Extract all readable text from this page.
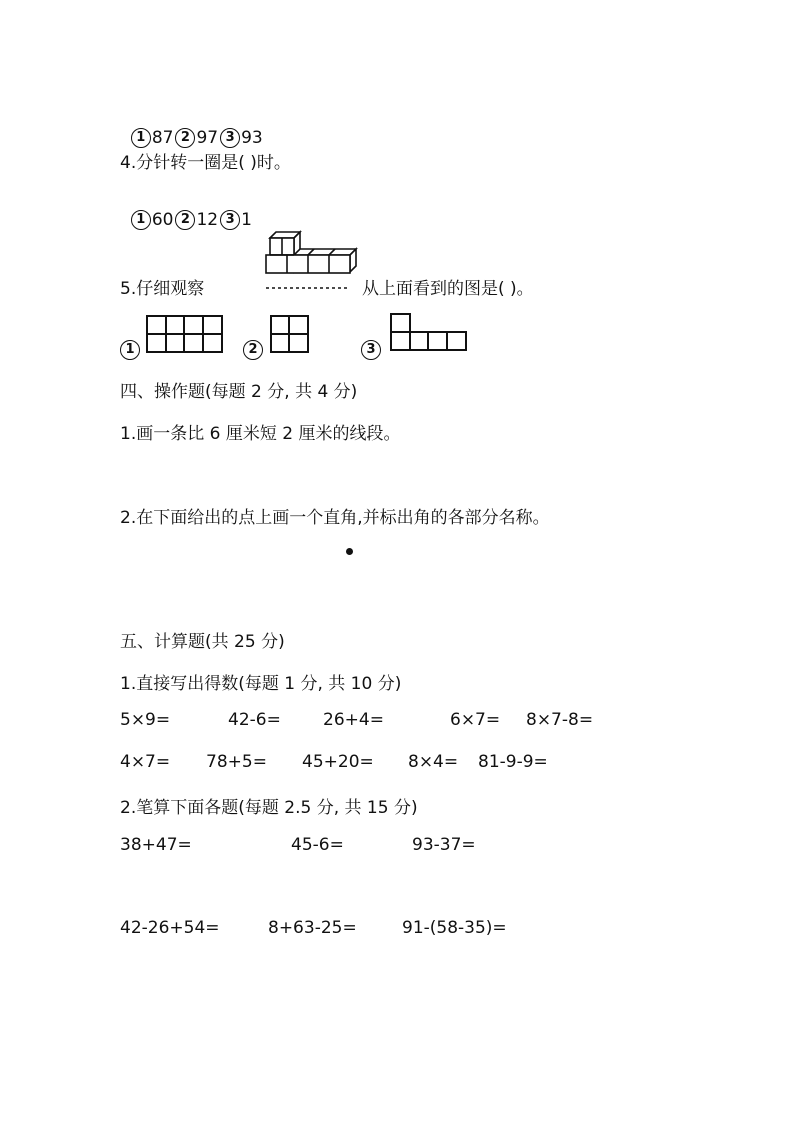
1 87 2 97 3 93

4.分针转一圈是( )时。

1 60 2 12 3 1

5.仔细观察	从上面看到的图是( )。
1	2	3
四、操作题(每题 2 分, 共 4 分)
1.画一条比 6 厘米短 2 厘米的线段。
2.在下面给出的点上画一个直角,并标出角的各部分名称。
五、计算题(共 25 分)
1.直接写出得数(每题 1 分, 共 10 分)
5×9=	42-6= 26+4=	6×7= 8×7-8=
4×7= 78+5= 45+20= 8×4= 81-9-9=
2.笔算下面各题(每题 2.5 分, 共 15 分)
38+47=	45-6=	93-37=
42-26+54=	8+63-25=	91-(58-35)=
